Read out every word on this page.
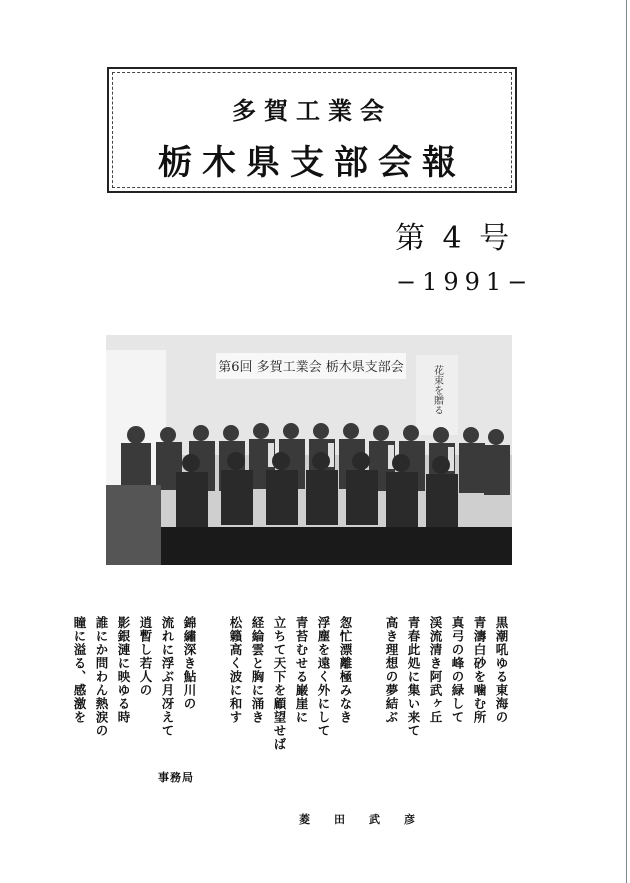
多賀工業会
栃木県支部会報
第 4 号
−1991−
第6回 多賀工業会 栃木県支部会	花束を贈る
黒潮吼ゆる東海の
青濤白砂を噛む所
真弓の峰の緑して
渓流清き阿武ヶ丘
青春此処に集い来て
高き理想の夢結ぶ

怱忙漂離極みなき
浮塵を遠く外にして
青苔むせる巌崖に
立ちて天下を顧望せば
経綸雲と胸に涌き
松籟高く波に和す

錦繡深き鮎川の
流れに浮ぶ月冴えて
逍暫し若人の
影銀漣に映ゆる時
誰にか問わん熱涙の
瞳に溢る、感激を
事務局
菱田武彦
